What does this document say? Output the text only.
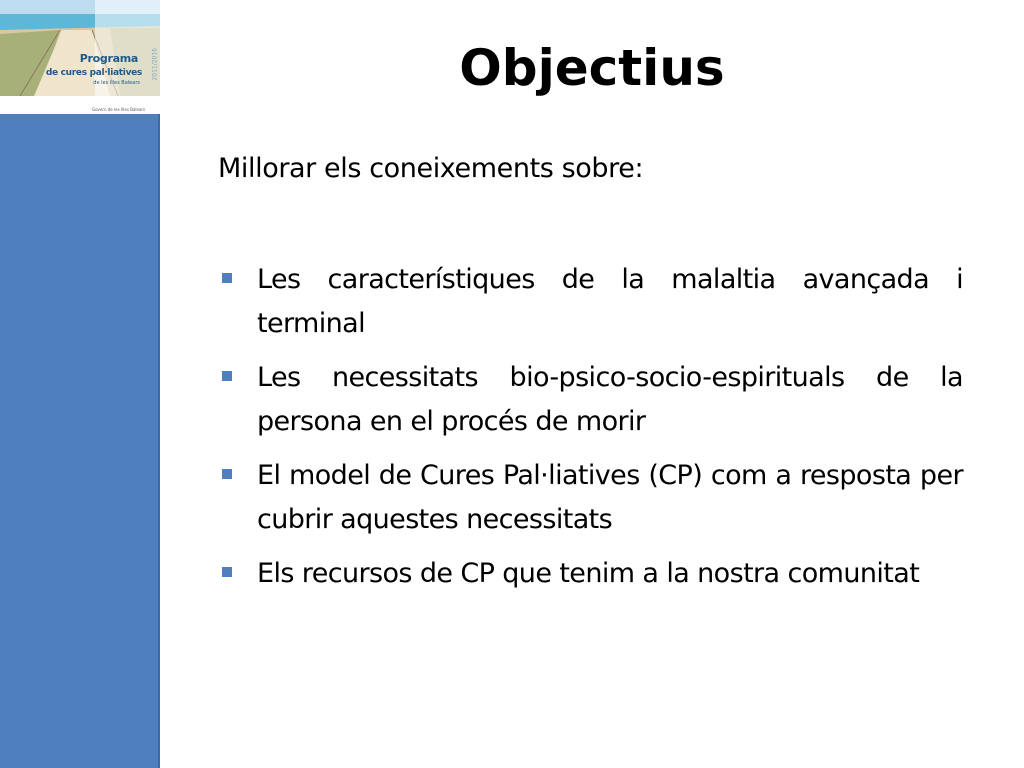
Programa
de cures pal·liatives
de les Illes Balears
2011/2016
Govern de les Illes Balears
Objectius

Millorar els coneixements sobre:

Les característiques de la malaltia avançada i terminal
Les necessitats bio-psico-socio-espirituals de la persona en el procés de morir
El model de Cures Pal·liatives (CP) com a resposta per cubrir aquestes necessitats
Els recursos de CP que tenim a la nostra comunitat
